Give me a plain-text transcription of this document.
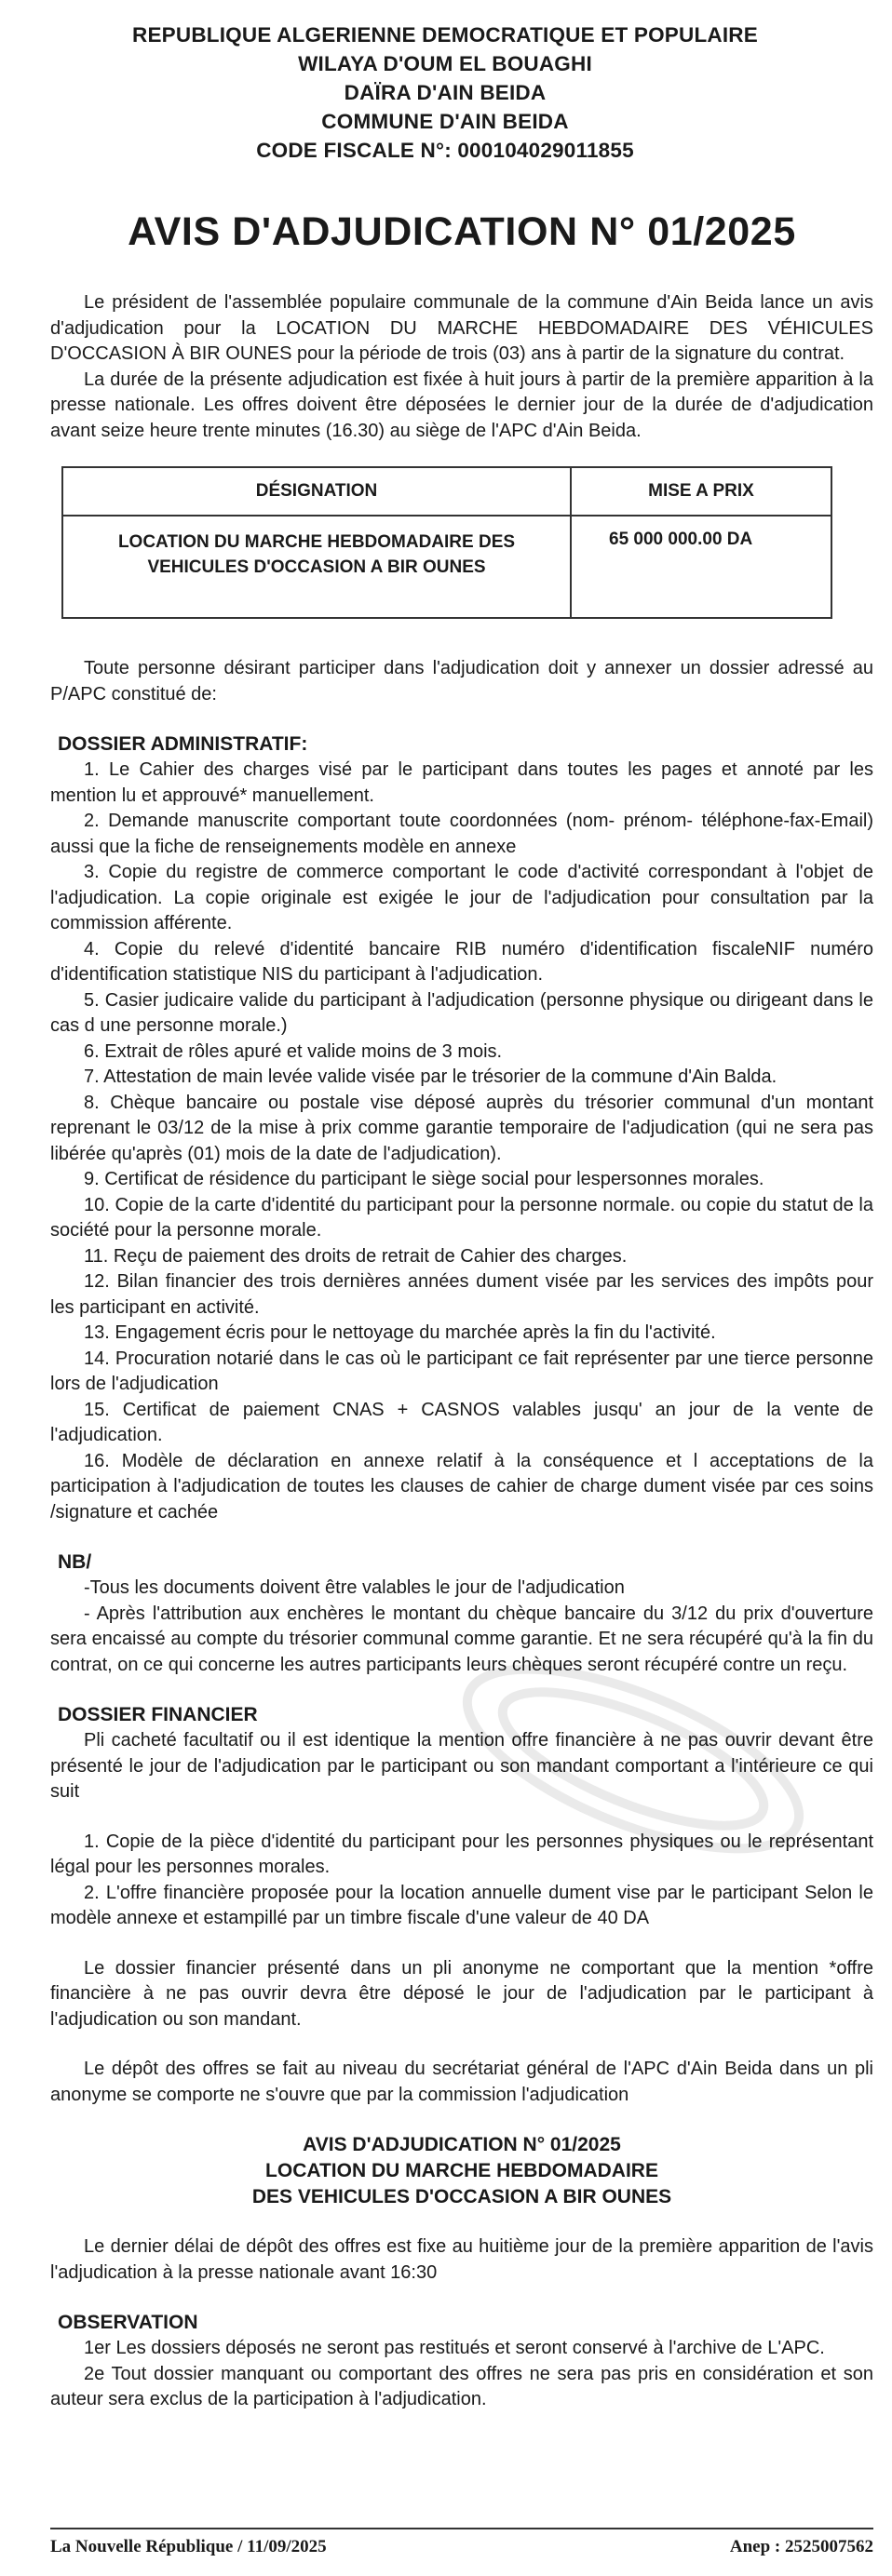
REPUBLIQUE ALGERIENNE DEMOCRATIQUE ET POPULAIRE
WILAYA D'OUM EL BOUAGHI
DAÏRA D'AIN BEIDA
COMMUNE D'AIN BEIDA
CODE FISCALE N°: 000104029011855
AVIS D'ADJUDICATION N° 01/2025

Le président de l'assemblée populaire communale de la commune d'Ain Beida lance un avis d'adjudication pour la LOCATION DU MARCHE HEBDOMADAIRE DES VÉHICULES D'OCCASION À BIR OUNES pour la période de trois (03) ans à partir de la signature du contrat.

La durée de la présente adjudication est fixée à huit jours à partir de la première apparition à la presse nationale. Les offres doivent être déposées le dernier jour de la durée de d'adjudication avant seize heure trente minutes (16.30) au siège de l'APC d'Ain Beida.

DÉSIGNATION	MISE A PRIX
LOCATION DU MARCHE HEBDOMADAIRE DES VEHICULES D'OCCASION A BIR OUNES	65 000 000.00 DA

Toute personne désirant participer dans l'adjudication doit y annexer un dossier adressé au P/APC constitué de:

DOSSIER ADMINISTRATIF:

1. Le Cahier des charges visé par le participant dans toutes les pages et annoté par les mention lu et approuvé* manuellement.

2. Demande manuscrite comportant toute coordonnées (nom- prénom- téléphone-fax-Email) aussi que la fiche de renseignements modèle en annexe

3. Copie du registre de commerce comportant le code d'activité correspondant à l'objet de l'adjudication. La copie originale est exigée le jour de l'adjudication pour consultation par la commission afférente.

4. Copie du relevé d'identité bancaire RIB numéro d'identification fiscaleNIF numéro d'identification statistique NIS du participant à l'adjudication.

5. Casier judicaire valide du participant à l'adjudication (personne physique ou dirigeant dans le cas d une personne morale.)

6. Extrait de rôles apuré et valide moins de 3 mois.

7. Attestation de main levée valide visée par le trésorier de la commune d'Ain Balda.

8. Chèque bancaire ou postale vise déposé auprès du trésorier communal d'un montant reprenant le 03/12 de la mise à prix comme garantie temporaire de l'adjudication (qui ne sera pas libérée qu'après (01) mois de la date de l'adjudication).

9. Certificat de résidence du participant le siège social pour lespersonnes morales.

10. Copie de la carte d'identité du participant pour la personne normale. ou copie du statut de la société pour la personne morale.

11. Reçu de paiement des droits de retrait de Cahier des charges.

12. Bilan financier des trois dernières années dument visée par les services des impôts pour les participant en activité.

13. Engagement écris pour le nettoyage du marchée après la fin du l'activité.

14. Procuration notarié dans le cas où le participant ce fait représenter par une tierce personne lors de l'adjudication

15. Certificat de paiement CNAS + CASNOS valables jusqu' an jour de la vente de l'adjudication.

16. Modèle de déclaration en annexe relatif à la conséquence et l acceptations de la participation à l'adjudication de toutes les clauses de cahier de charge dument visée par ces soins /signature et cachée

NB/

-Tous les documents doivent être valables le jour de l'adjudication

- Après l'attribution aux enchères le montant du chèque bancaire du 3/12 du prix d'ouverture sera encaissé au compte du trésorier communal comme garantie. Et ne sera récupéré qu'à la fin du contrat, on ce qui concerne les autres participants leurs chèques seront récupéré contre un reçu.

DOSSIER FINANCIER

Pli cacheté facultatif ou il est identique la mention offre financière à ne pas ouvrir devant être présenté le jour de l'adjudication par le participant ou son mandant comportant a l'intérieure ce qui suit

1. Copie de la pièce d'identité du participant pour les personnes physiques ou le représentant légal pour les personnes morales.

2. L'offre financière proposée pour la location annuelle dument vise par le participant Selon le modèle annexe et estampillé par un timbre fiscale d'une valeur de 40 DA

Le dossier financier présenté dans un pli anonyme ne comportant que la mention *offre financière à ne pas ouvrir devra être déposé le jour de l'adjudication par le participant à l'adjudication ou son mandant.

Le dépôt des offres se fait au niveau du secrétariat général de l'APC d'Ain Beida dans un pli anonyme se comporte ne s'ouvre que par la commission l'adjudication

AVIS D'ADJUDICATION N° 01/2025
LOCATION DU MARCHE HEBDOMADAIRE
DES VEHICULES D'OCCASION A BIR OUNES

Le dernier délai de dépôt des offres est fixe au huitième jour de la première apparition de l'avis l'adjudication à la presse nationale avant 16:30

OBSERVATION

1er Les dossiers déposés ne seront pas restitués et seront conservé à l'archive de L'APC.

2e Tout dossier manquant ou comportant des offres ne sera pas pris en considération et son auteur sera exclus de la participation à l'adjudication.

La Nouvelle République / 11/09/2025	Anep : 2525007562
